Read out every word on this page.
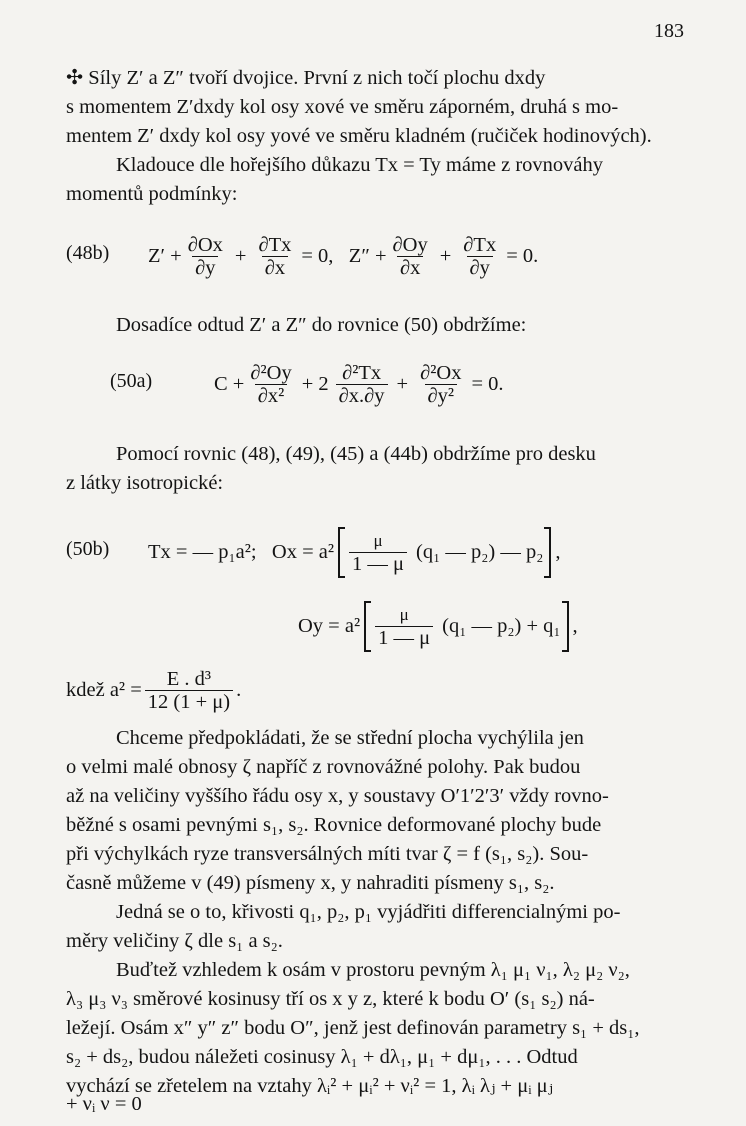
183
✣ Síly Z′ a Z″ tvoří dvojice. První z nich točí plochu dxdy
s momentem Z′dxdy kol osy xové ve směru záporném, druhá s mo-
mentem Z′ dxdy kol osy yové ve směru kladném (ručiček hodinových).
Kladouce dle hořejšího důkazu Tx = Ty máme z rovnováhy
momentů podmínky:
(48b) $Z' + \frac{\partial Ox}{\partial y} + \frac{\partial Tx}{\partial x} = 0$,   $Z'' + \frac{\partial Oy}{\partial x} + \frac{\partial Tx}{\partial y} = 0$.
Dosadíce odtud Z′ a Z″ do rovnice (50) obdržíme:
(50a)	$C + \frac{\text{∂²Oy}}{\text{∂x²}} + 2 \frac{\text{∂²Tx}}{\partial x.\partial y} + \frac{\text{∂²Ox}}{\text{∂y²}} = 0$.
Pomocí rovnic (48), (49), (45) a (44b) obdržíme pro desku
z látky isotropické:
(50b) Tx = — p₁a²;   $Ox = a^2 \frac{\mu}{1 — \mu} (q_1$ — p₂) — p₂ ,
$Oy = a^2 \frac{\mu}{1 — \mu} (q_1$ — p₂) + q₁ ,
kdež $a^2 = \frac{\text{E . d³}}{12 (1 + \mu)}$ .
Chceme předpokládati, že se střední plocha vychýlila jen
o velmi malé obnosy ζ napříč z rovnovážné polohy. Pak budou
až na veličiny vyššího řádu osy x, y soustavy O′1′2′3′ vždy rovno-
běžné s osami pevnými s₁, s₂. Rovnice deformované plochy bude
při výchylkách ryze transversálných míti tvar ζ = f (s₁, s₂). Sou-
časně můžeme v (49) písmeny x, y nahraditi písmeny s₁, s₂.
Jedná se o to, křivosti q₁, p₂, p₁ vyjádřiti differencialnými po-
měry veličiny ζ dle s₁ a s₂.
Buďtež vzhledem k osám v prostoru pevným λ₁ μ₁ ν₁, λ₂ μ₂ ν₂,
λ₃ μ₃ ν₃ směrové kosinusy tří os x y z, které k bodu O′ (s₁ s₂) ná-
ležejí. Osám x″ y″ z″ bodu O″, jenž jest definován parametry s₁ + ds₁,
s₂ + ds₂, budou náležeti cosinusy λ₁ + dλ₁, μ₁ + dμ₁, . . . Odtud
vychází se zřetelem na vztahy λᵢ² + μᵢ² + νᵢ² = 1, λᵢ λⱼ + μᵢ μⱼ
+ νᵢ ν = 0
